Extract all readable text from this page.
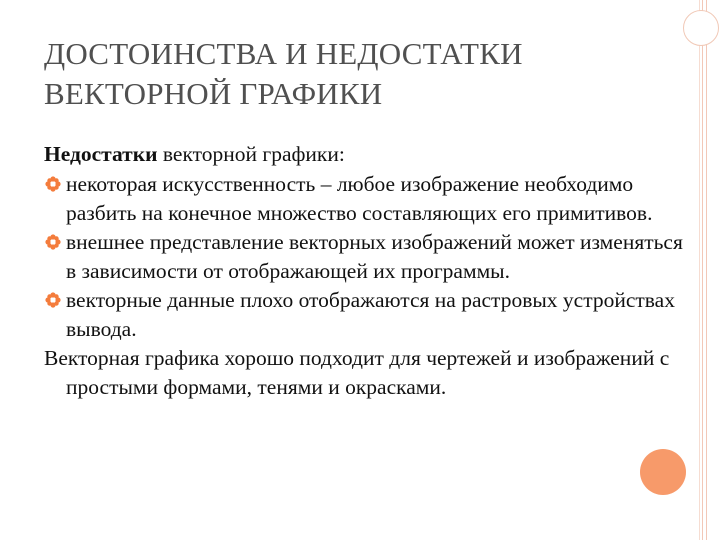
ДОСТОИНСТВА И НЕДОСТАТКИ
ВЕКТОРНОЙ ГРАФИКИ
Недостатки векторной графики:
некоторая искусственность – любое изображение необходимо разбить на конечное множество составляющих его примитивов.
внешнее представление векторных изображений может изменяться в зависимости от отображающей их программы.
векторные данные плохо отображаются на растровых устройствах вывода.
Векторная графика хорошо подходит для чертежей и изображений с простыми формами, тенями и окрасками.
